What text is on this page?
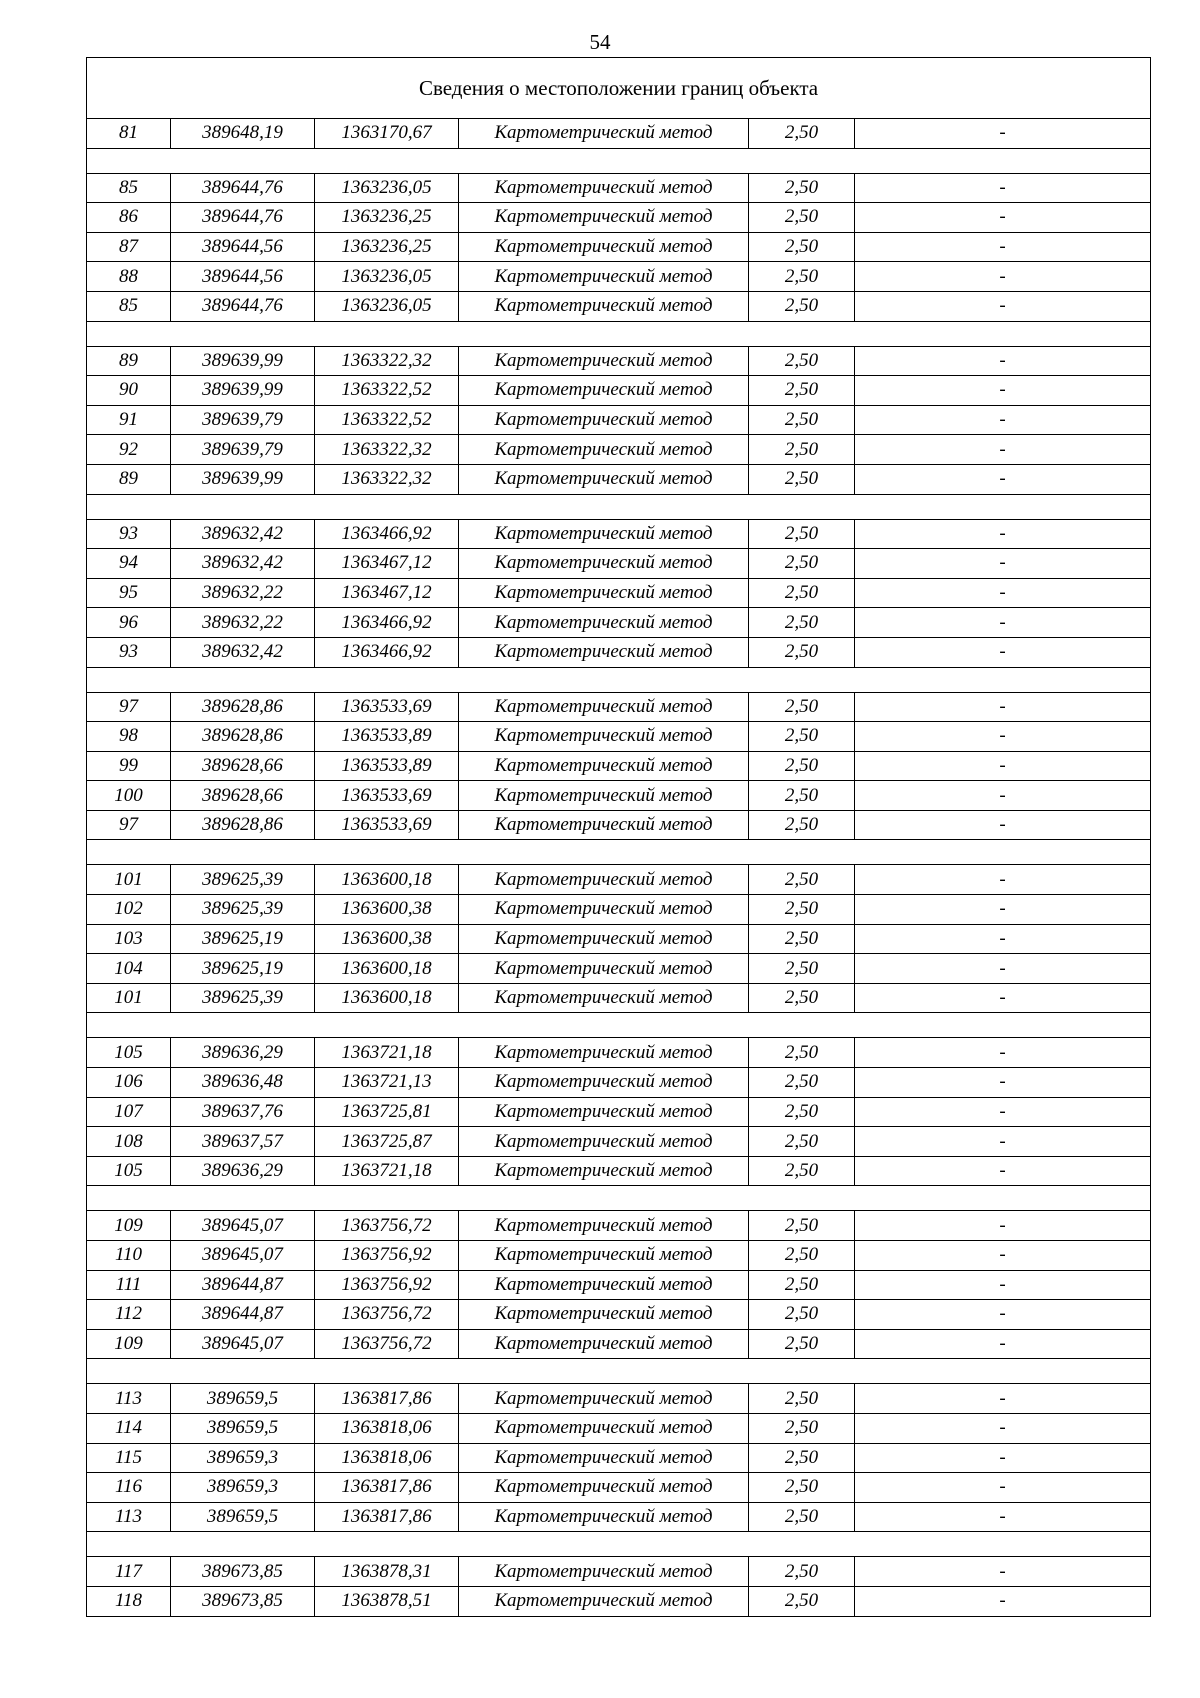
54
Сведения о местоположении границ объекта					
81	389648,19	1363170,67	Картометрический метод	2,50	-

85	389644,76	1363236,05	Картометрический метод	2,50	-
86	389644,76	1363236,25	Картометрический метод	2,50	-
87	389644,56	1363236,25	Картометрический метод	2,50	-
88	389644,56	1363236,05	Картометрический метод	2,50	-
85	389644,76	1363236,05	Картометрический метод	2,50	-

89	389639,99	1363322,32	Картометрический метод	2,50	-
90	389639,99	1363322,52	Картометрический метод	2,50	-
91	389639,79	1363322,52	Картометрический метод	2,50	-
92	389639,79	1363322,32	Картометрический метод	2,50	-
89	389639,99	1363322,32	Картометрический метод	2,50	-

93	389632,42	1363466,92	Картометрический метод	2,50	-
94	389632,42	1363467,12	Картометрический метод	2,50	-
95	389632,22	1363467,12	Картометрический метод	2,50	-
96	389632,22	1363466,92	Картометрический метод	2,50	-
93	389632,42	1363466,92	Картометрический метод	2,50	-

97	389628,86	1363533,69	Картометрический метод	2,50	-
98	389628,86	1363533,89	Картометрический метод	2,50	-
99	389628,66	1363533,89	Картометрический метод	2,50	-
100	389628,66	1363533,69	Картометрический метод	2,50	-
97	389628,86	1363533,69	Картометрический метод	2,50	-

101	389625,39	1363600,18	Картометрический метод	2,50	-
102	389625,39	1363600,38	Картометрический метод	2,50	-
103	389625,19	1363600,38	Картометрический метод	2,50	-
104	389625,19	1363600,18	Картометрический метод	2,50	-
101	389625,39	1363600,18	Картометрический метод	2,50	-

105	389636,29	1363721,18	Картометрический метод	2,50	-
106	389636,48	1363721,13	Картометрический метод	2,50	-
107	389637,76	1363725,81	Картометрический метод	2,50	-
108	389637,57	1363725,87	Картометрический метод	2,50	-
105	389636,29	1363721,18	Картометрический метод	2,50	-

109	389645,07	1363756,72	Картометрический метод	2,50	-
110	389645,07	1363756,92	Картометрический метод	2,50	-
111	389644,87	1363756,92	Картометрический метод	2,50	-
112	389644,87	1363756,72	Картометрический метод	2,50	-
109	389645,07	1363756,72	Картометрический метод	2,50	-

113	389659,5	1363817,86	Картометрический метод	2,50	-
114	389659,5	1363818,06	Картометрический метод	2,50	-
115	389659,3	1363818,06	Картометрический метод	2,50	-
116	389659,3	1363817,86	Картометрический метод	2,50	-
113	389659,5	1363817,86	Картометрический метод	2,50	-

117	389673,85	1363878,31	Картометрический метод	2,50	-
118	389673,85	1363878,51	Картометрический метод	2,50	-
